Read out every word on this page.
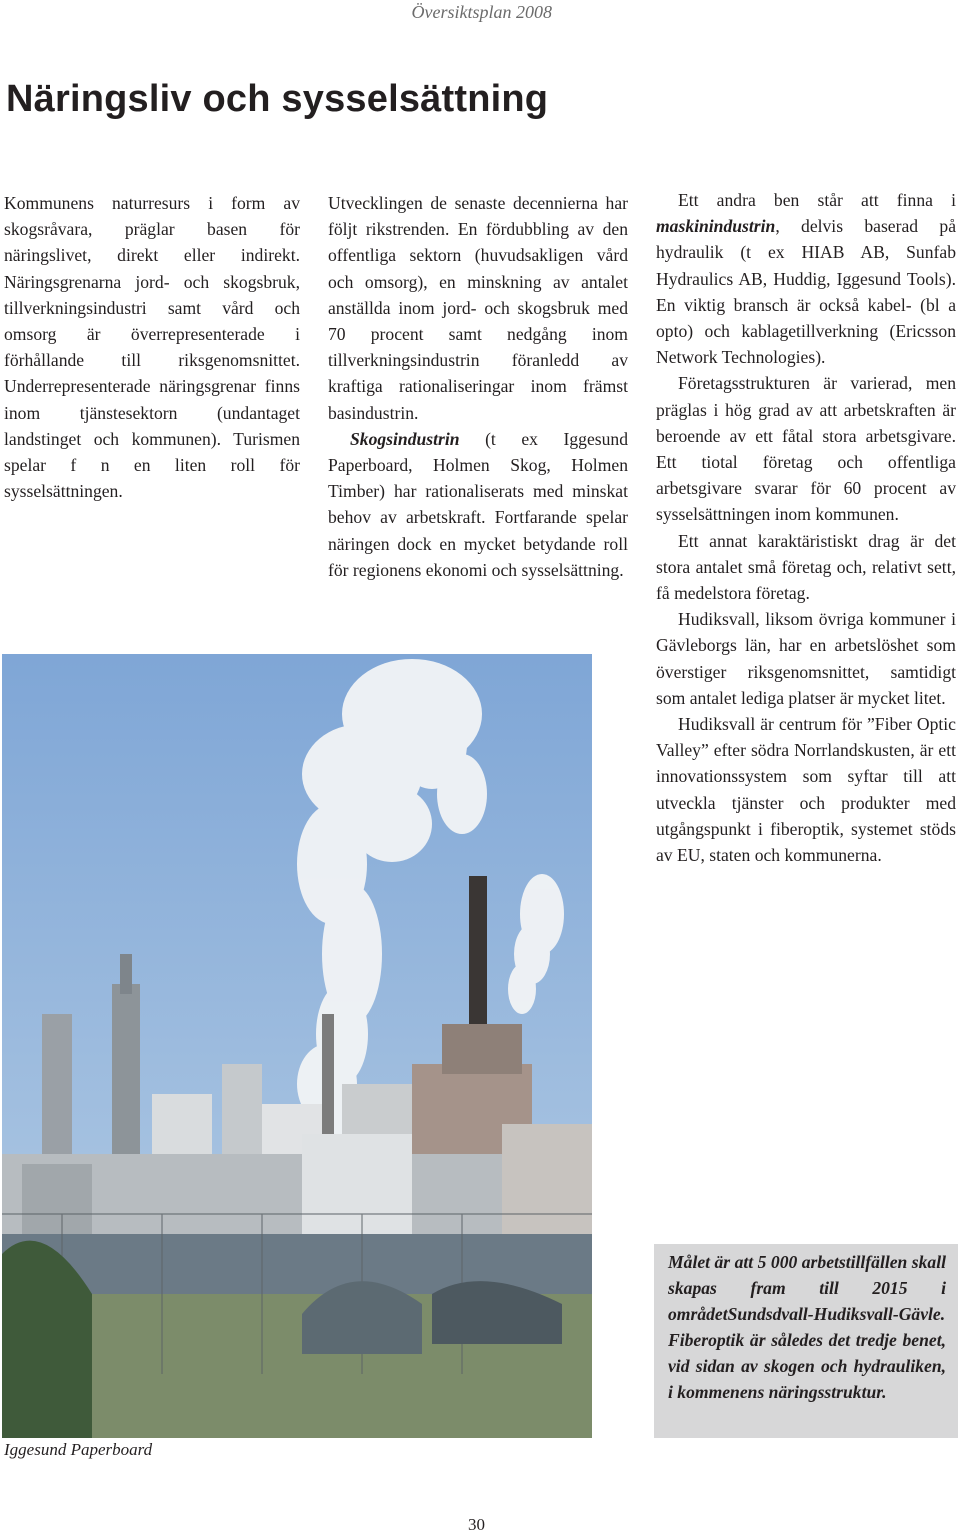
Översiktsplan 2008
Näringsliv och sysselsättning

Kommunens naturresurs i form av skogsråvara, präglar basen för näringslivet, direkt eller indirekt. Näringsgrenarna jord- och skogsbruk, tillverkningsindustri samt vård och omsorg är överrepresenterade i förhållande till riksgenomsnittet. Underrepresenterade näringsgrenar finns inom tjänstesektorn (undantaget landstinget och kommunen). Turismen spelar f n en liten roll för sysselsättningen.

Utvecklingen de senaste decennierna har följt rikstrenden. En fördubbling av den offentliga sektorn (huvudsakligen vård och omsorg), en minskning av antalet anställda inom jord- och skogsbruk med 70 procent samt nedgång inom tillverkningsindustrin föranledd av kraftiga rationaliseringar inom främst basindustrin.

Skogsindustrin (t ex Iggesund Paperboard, Holmen Skog, Holmen Timber) har rationaliserats med minskat behov av arbetskraft. Fortfarande spelar näringen dock en mycket betydande roll för regionens ekonomi och sysselsättning.

Ett andra ben står att finna i maskinindustrin, delvis baserad på hydraulik (t ex HIAB AB, Sunfab Hydraulics AB, Huddig, Iggesund Tools). En viktig bransch är också kabel- (bl a opto) och kablagetillverkning (Ericsson Network Technologies).

Företagsstrukturen är varierad, men präglas i hög grad av att arbetskraften är beroende av ett fåtal stora arbetsgivare. Ett tiotal företag och offentliga arbetsgivare svarar för 60 procent av sysselsättningen inom kommunen.

Ett annat karaktäristiskt drag är det stora antalet små företag och, relativt sett, få medelstora företag.

Hudiksvall, liksom övriga kommuner i Gävleborgs län, har en arbetslöshet som överstiger riksgenomsnittet, samtidigt som antalet lediga platser är mycket litet.

Hudiksvall är centrum för ”Fiber Optic Valley” efter södra Norrlandskusten, är ett innovationssystem som syftar till att utveckla tjänster och produkter med utgångspunkt i fiberoptik, systemet stöds av EU, staten och kommunerna.

Iggesund Paperboard

Målet är att 5 000 arbetstillfällen skall skapas fram till 2015 i områdetSundsdvall-Hudiksvall-Gävle. Fiberoptik är således det tredje benet, vid sidan av skogen och hydrauliken, i kommenens näringsstruktur.

30
